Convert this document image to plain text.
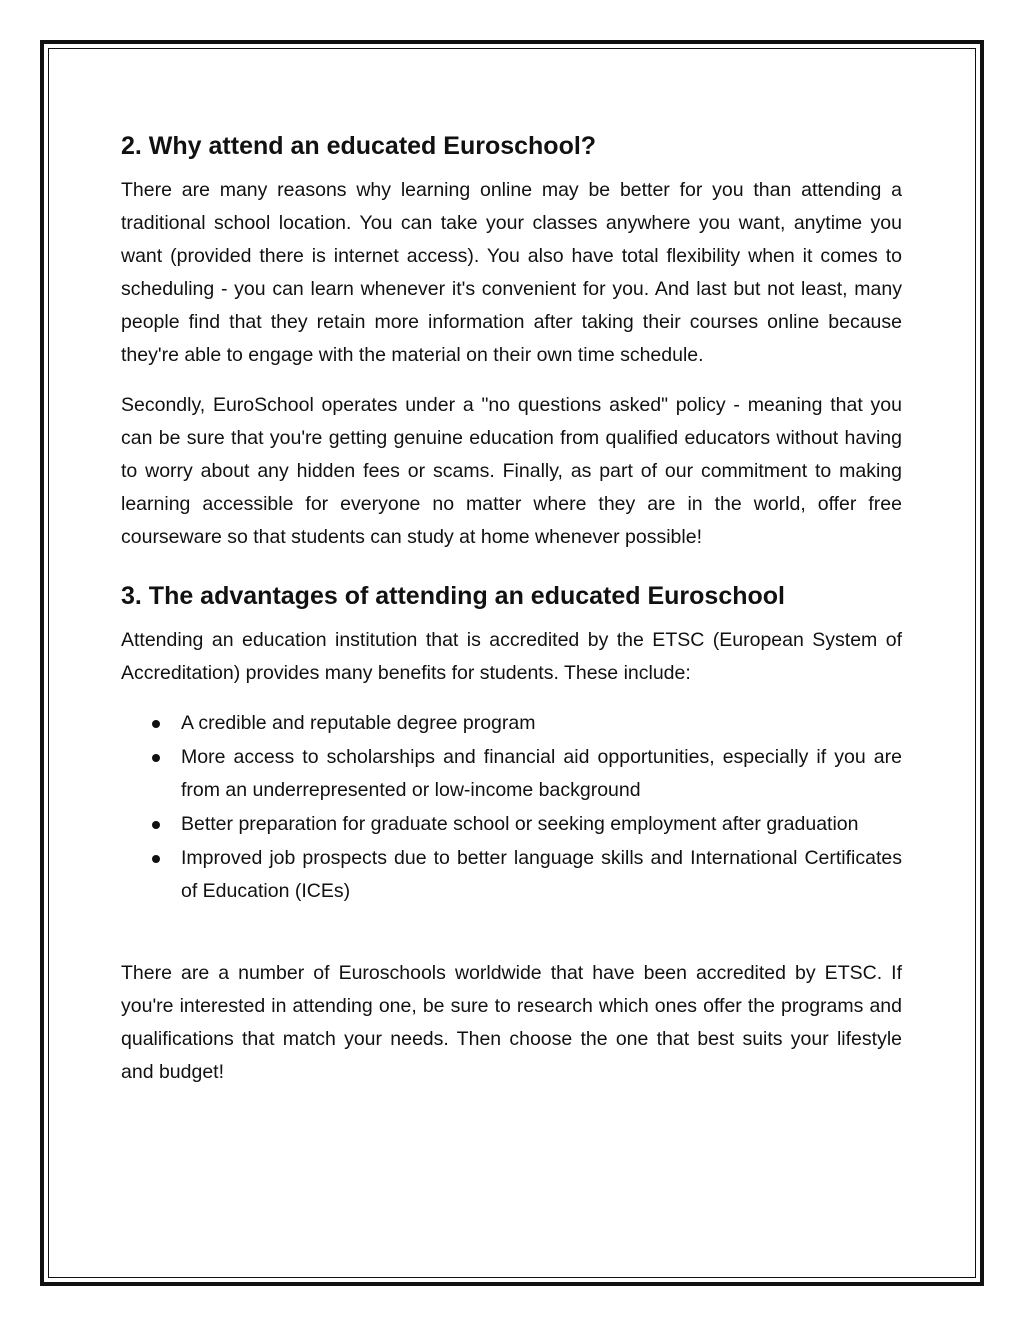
2. Why attend an educated Euroschool?

There are many reasons why learning online may be better for you than attending a traditional school location. You can take your classes anywhere you want, anytime you want (provided there is internet access). You also have total flexibility when it comes to scheduling - you can learn whenever it's convenient for you. And last but not least, many people find that they retain more information after taking their courses online because they're able to engage with the material on their own time schedule.

Secondly, EuroSchool operates under a "no questions asked" policy - meaning that you can be sure that you're getting genuine education from qualified educators without having to worry about any hidden fees or scams. Finally, as part of our commitment to making learning accessible for everyone no matter where they are in the world, offer free courseware so that students can study at home whenever possible!

3. The advantages of attending an educated Euroschool

Attending an education institution that is accredited by the ETSC (European System of Accreditation) provides many benefits for students. These include:

A credible and reputable degree program
More access to scholarships and financial aid opportunities, especially if you are from an underrepresented or low-income background
Better preparation for graduate school or seeking employment after graduation
Improved job prospects due to better language skills and International Certificates of Education (ICEs)

There are a number of Euroschools worldwide that have been accredited by ETSC. If you're interested in attending one, be sure to research which ones offer the programs and qualifications that match your needs. Then choose the one that best suits your lifestyle and budget!
